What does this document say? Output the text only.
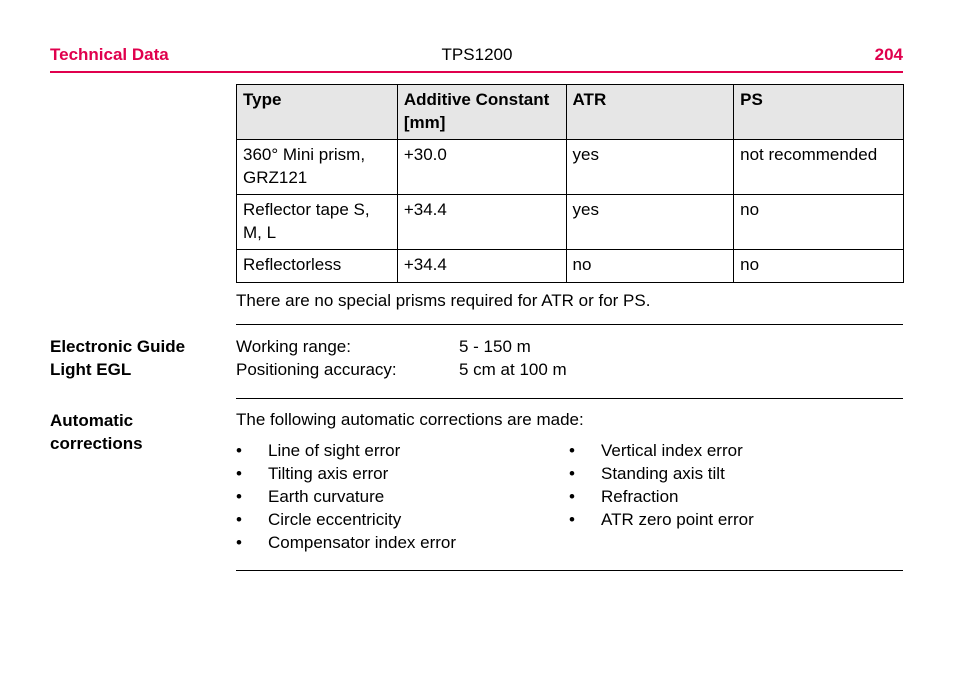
Technical Data	TPS1200	204
Type	Additive Constant [mm]	ATR	PS
360° Mini prism, GRZ121	+30.0	yes	not recommended
Reflector tape S, M, L	+34.4	yes	no
Reflectorless	+34.4	no	no
There are no special prisms required for ATR or for PS.
Electronic Guide Light EGL
Working range:	5 - 150 m
Positioning accuracy:	5 cm at 100 m
Automatic corrections
The following automatic corrections are made:
•	Line of sight error
•	Tilting axis error
•	Earth curvature
•	Circle eccentricity
•	Compensator index error
•	Vertical index error
•	Standing axis tilt
•	Refraction
•	ATR zero point error
